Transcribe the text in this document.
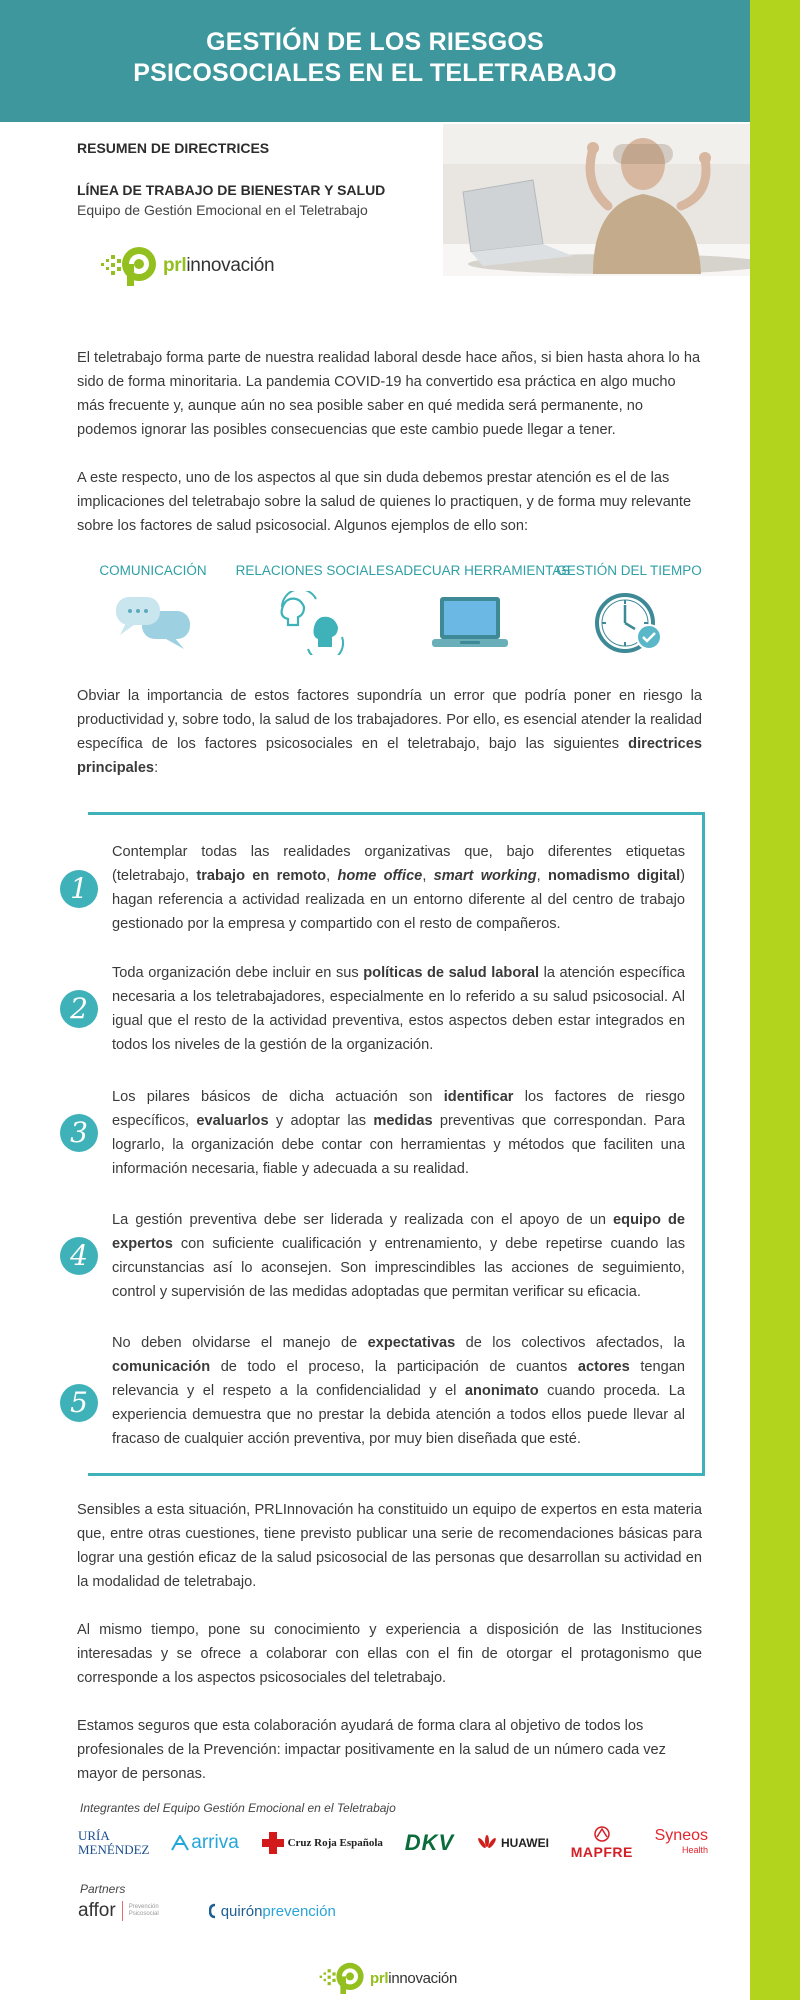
GESTIÓN DE LOS RIESGOS
PSICOSOCIALES EN EL TELETRABAJO
RESUMEN DE DIRECTRICES
LÍNEA DE TRABAJO DE BIENESTAR Y SALUD
Equipo de Gestión Emocional en el Teletrabajo
prlinnovación

El teletrabajo forma parte de nuestra realidad laboral desde hace años, si bien hasta ahora lo ha sido de forma minoritaria. La pandemia COVID-19 ha convertido esa práctica en algo mucho más frecuente y, aunque aún no sea posible saber en qué medida será permanente, no podemos ignorar las posibles consecuencias que este cambio puede llegar a tener.

A este respecto, uno de los aspectos al que sin duda debemos prestar atención es el de las implicaciones del teletrabajo sobre la salud de quienes lo practiquen, y de forma muy relevante sobre los factores de salud psicosocial. Algunos ejemplos de ello son:

COMUNICACIÓN	RELACIONES SOCIALES ADECUAR HERRAMIENTAS
GESTIÓN DEL TIEMPO

Obviar la importancia de estos factores supondría un error que podría poner en riesgo la productividad y, sobre todo, la salud de los trabajadores. Por ello, es esencial atender la realidad específica de los factores psicosociales en el teletrabajo, bajo las siguientes directrices principales:

1

Contemplar todas las realidades organizativas que, bajo diferentes etiquetas (teletrabajo, trabajo en remoto, home office, smart working, nomadismo digital) hagan referencia a actividad realizada en un entorno diferente al del centro de trabajo gestionado por la empresa y compartido con el resto de compañeros.

2

Toda organización debe incluir en sus políticas de salud laboral la atención específica necesaria a los teletrabajadores, especialmente en lo referido a su salud psicosocial. Al igual que el resto de la actividad preventiva, estos aspectos deben estar integrados en todos los niveles de la gestión de la organización.

3

Los pilares básicos de dicha actuación son identificar los factores de riesgo específicos, evaluarlos y adoptar las medidas preventivas que correspondan. Para lograrlo, la organización debe contar con herramientas y métodos que faciliten una información necesaria, fiable y adecuada a su realidad.

4

La gestión preventiva debe ser liderada y realizada con el apoyo de un equipo de expertos con suficiente cualificación y entrenamiento, y debe repetirse cuando las circunstancias así lo aconsejen. Son imprescindibles las acciones de seguimiento, control y supervisión de las medidas adoptadas que permitan verificar su eficacia.

5

No deben olvidarse el manejo de expectativas de los colectivos afectados, la comunicación de todo el proceso, la participación de cuantos actores tengan relevancia y el respeto a la confidencialidad y el anonimato cuando proceda. La experiencia demuestra que no prestar la debida atención a todos ellos puede llevar al fracaso de cualquier acción preventiva, por muy bien diseñada que esté.

Sensibles a esta situación, PRLInnovación ha constituido un equipo de expertos en esta materia que, entre otras cuestiones, tiene previsto publicar una serie de recomendaciones básicas para lograr una gestión eficaz de la salud psicosocial de las personas que desarrollan su actividad en la modalidad de teletrabajo.

Al mismo tiempo, pone su conocimiento y experiencia a disposición de las Instituciones interesadas y se ofrece a colaborar con ellas con el fin de otorgar el protagonismo que corresponde a los aspectos psicosociales del teletrabajo.

Estamos seguros que esta colaboración ayudará de forma clara al objetivo de todos los profesionales de la Prevención: impactar positivamente en la salud de un número cada vez mayor de personas.

Integrantes del Equipo Gestión Emocional en el Teletrabajo
URÍA
MENÉNDEZ arriva	Cruz Roja Española DKV	HUAWEI
MAPFRE
Syneos
Health
Partners
affor Prevención
Psicosocial	quirón prevención
prlinnovación
